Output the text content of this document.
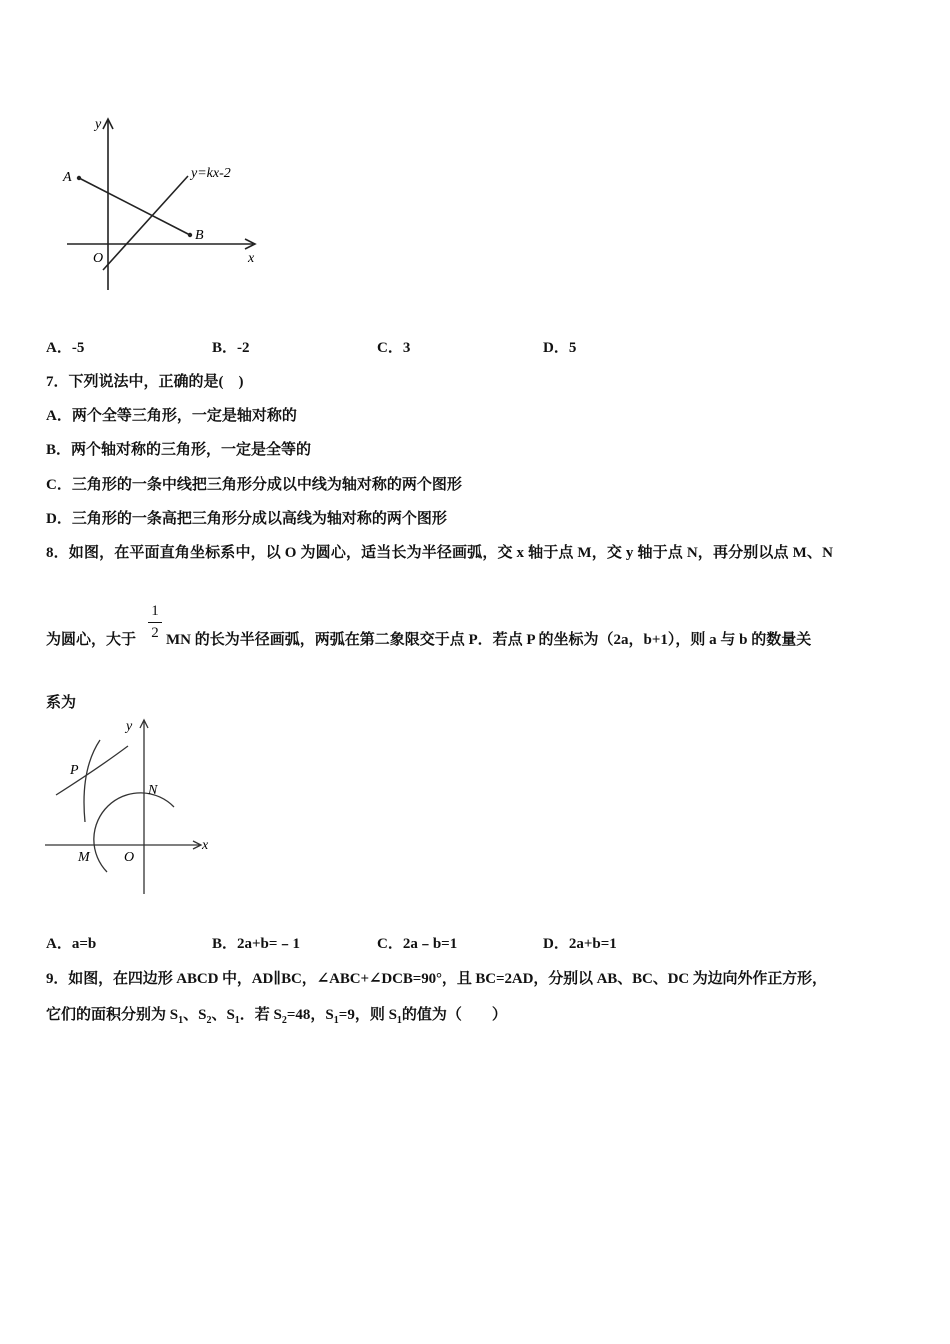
y
x
O
A
B
y=kx-2
A．-5	B．-2	C．3	D．5
7．下列说法中，正确的是(　)
A．两个全等三角形，一定是轴对称的
B．两个轴对称的三角形，一定是全等的
C．三角形的一条中线把三角形分成以中线为轴对称的两个图形
D．三角形的一条高把三角形分成以高线为轴对称的两个图形
8．如图，在平面直角坐标系中，以 O 为圆心，适当长为半径画弧，交 x 轴于点 M，交 y 轴于点 N，再分别以点 M、N
为圆心，大于
1
2 MN 的长为半径画弧，两弧在第二象限交于点 P．若点 P 的坐标为（2a，b+1），则 a 与 b 的数量关
系为
y
x
O
P
N
M
A．a=b	B．2a+b=﹣1	C．2a﹣b=1	D．2a+b=1
9．如图，在四边形 ABCD 中，AD∥BC，∠ABC+∠DCB=90°，且 BC=2AD，分别以 AB、BC、DC 为边向外作正方形，
它们的面积分别为 $S_1$、$S_2$、$S_1$．若 $S_2=48$，$S_1=9$，则 $S_1$的值为（　　）
